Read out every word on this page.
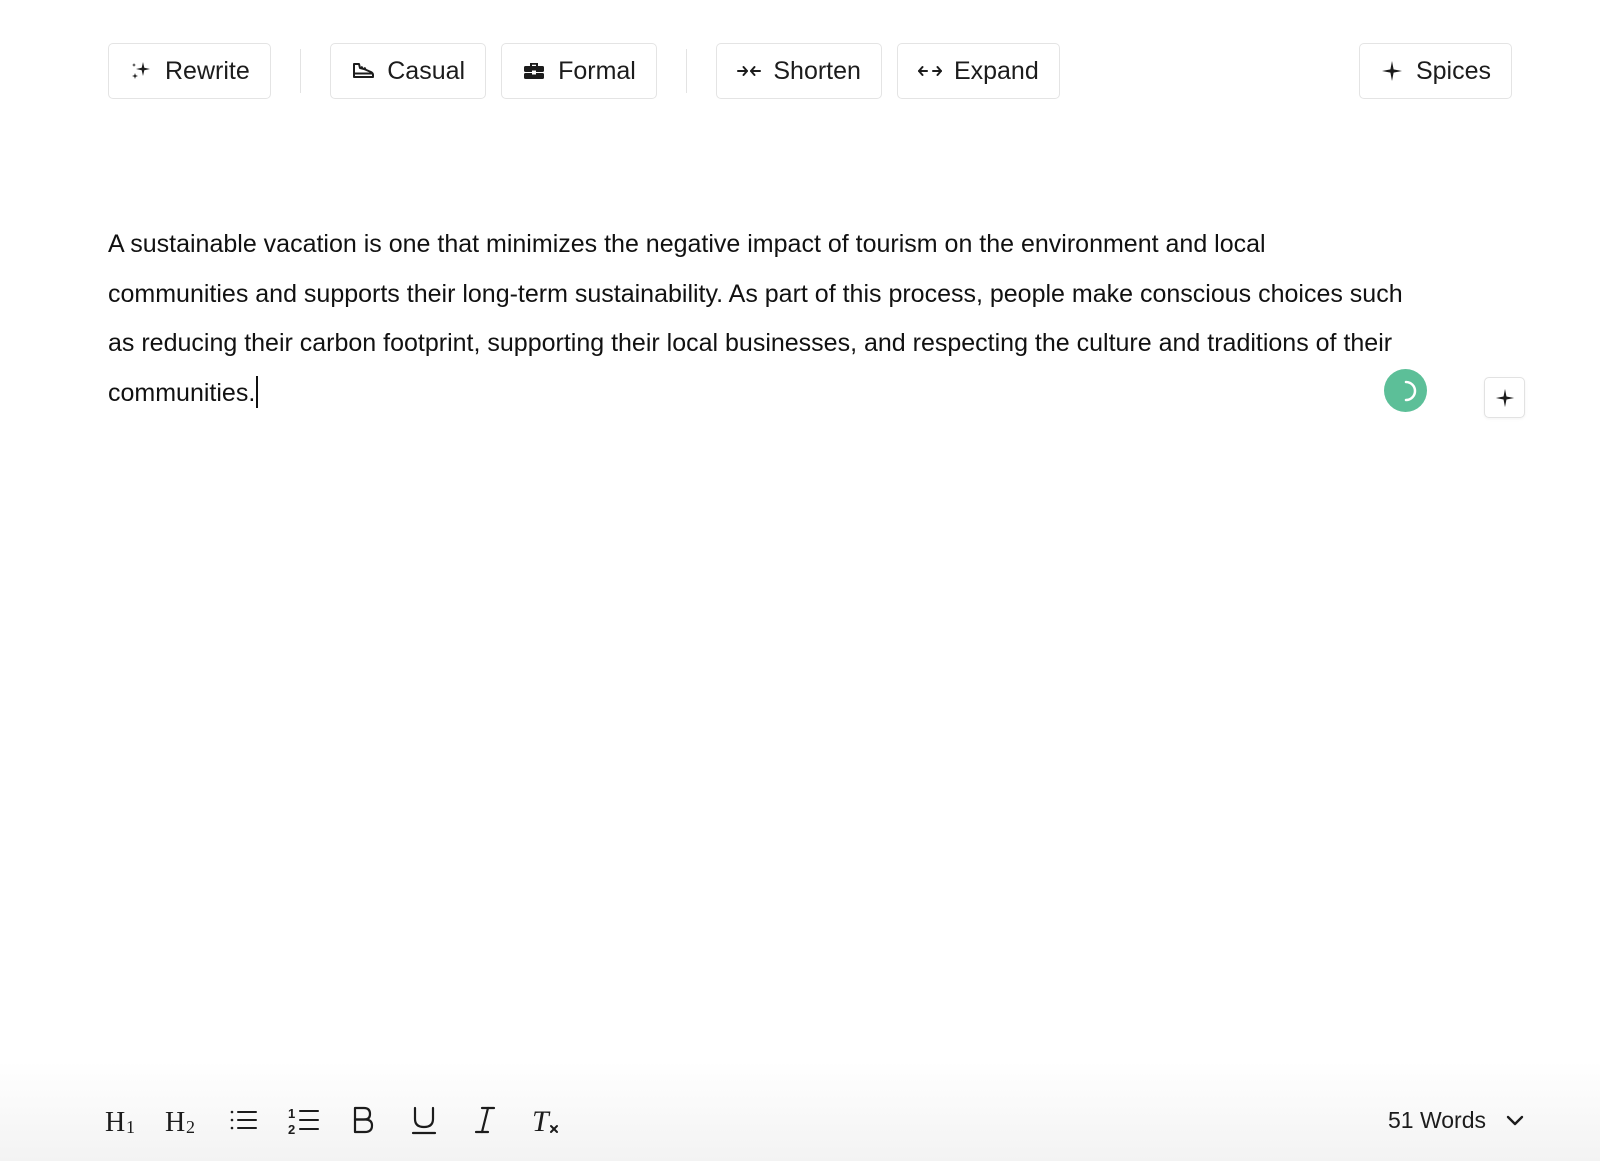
Rewrite	Casual	Formal	Shorten	Expand	Spices
A sustainable vacation is one that minimizes the negative impact of tourism on the environment and local communities and supports their long-term sustainability. As part of this process, people make conscious choices such as reducing their carbon footprint, supporting their local businesses, and respecting the culture and traditions of their communities.
H 1 H 2
1
2	T	51 Words
